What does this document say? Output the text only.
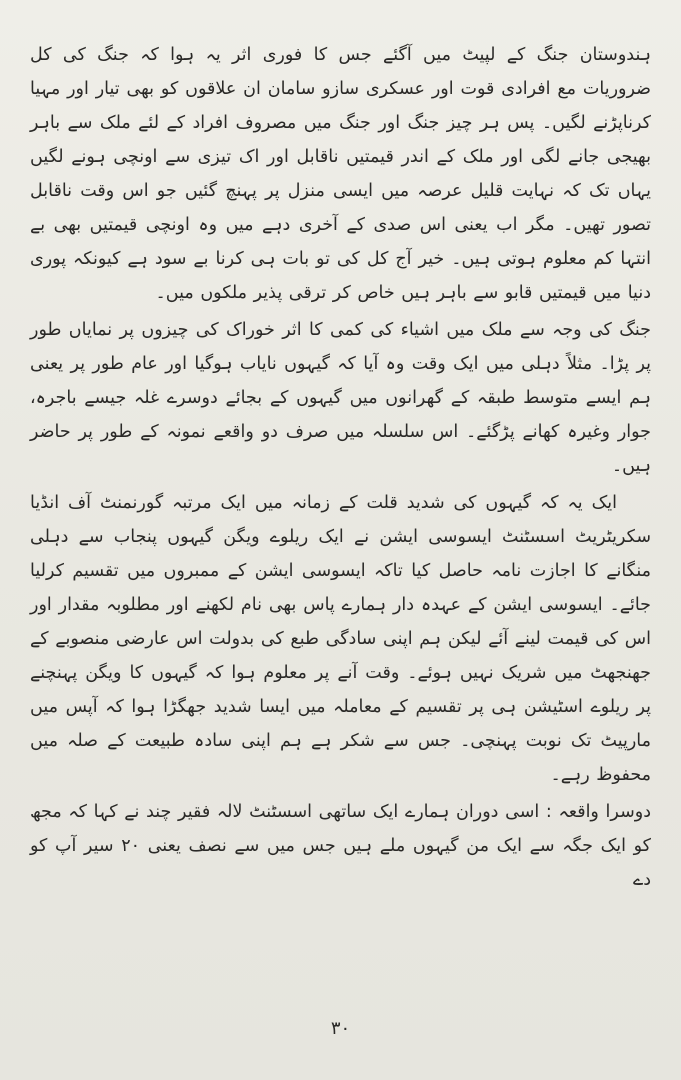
ہندوستان جنگ کے لپیٹ میں آگئے جس کا فوری اثر یہ ہوا کہ جنگ کی کل ضروریات مع افرادی قوت اور عسکری سازو سامان ان علاقوں کو بھی تیار اور مہیا کرناپڑنے لگیں۔ پس ہر چیز جنگ اور جنگ میں مصروف افراد کے لئے ملک سے باہر بھیجی جانے لگی اور ملک کے اندر قیمتیں ناقابل اور اک تیزی سے اونچی ہونے لگیں یہاں تک کہ نہایت قلیل عرصہ میں ایسی منزل پر پہنچ گئیں جو اس وقت ناقابل تصور تھیں۔ مگر اب یعنی اس صدی کے آخری دہے میں وہ اونچی قیمتیں بھی بے انتہا کم معلوم ہوتی ہیں۔ خیر آج کل کی تو بات ہی کرنا بے سود ہے کیونکہ پوری دنیا میں قیمتیں قابو سے باہر ہیں خاص کر ترقی پذیر ملکوں میں۔

جنگ کی وجہ سے ملک میں اشیاء کی کمی کا اثر خوراک کی چیزوں پر نمایاں طور پر پڑا۔ مثلاً دہلی میں ایک وقت وہ آیا کہ گیہوں نایاب ہوگیا اور عام طور پر یعنی ہم ایسے متوسط طبقہ کے گھرانوں میں گیہوں کے بجائے دوسرے غلہ جیسے باجرہ، جوار وغیرہ کھانے پڑگئے۔ اس سلسلہ میں صرف دو واقعے نمونہ کے طور پر حاضر ہیں۔

ایک یہ کہ گیہوں کی شدید قلت کے زمانہ میں ایک مرتبہ گورنمنٹ آف انڈیا سکریٹریٹ اسسٹنٹ ایسوسی ایشن نے ایک ریلوے ویگن گیہوں پنجاب سے دہلی منگانے کا اجازت نامہ حاصل کیا تاکہ ایسوسی ایشن کے ممبروں میں تقسیم کرلیا جائے۔ ایسوسی ایشن کے عہدہ دار ہمارے پاس بھی نام لکھنے اور مطلوبہ مقدار اور اس کی قیمت لینے آئے لیکن ہم اپنی سادگی طبع کی بدولت اس عارضی منصوبے کے جھنجھٹ میں شریک نہیں ہوئے۔ وقت آنے پر معلوم ہوا کہ گیہوں کا ویگن پہنچنے پر ریلوے اسٹیشن ہی پر تقسیم کے معاملہ میں ایسا شدید جھگڑا ہوا کہ آپس میں مارپیٹ تک نوبت پہنچی۔ جس سے شکر ہے ہم اپنی سادہ طبیعت کے صلہ میں محفوظ رہے۔

دوسرا واقعہ : اسی دوران ہمارے ایک ساتھی اسسٹنٹ لالہ فقیر چند نے کہا کہ مجھ کو ایک جگہ سے ایک من گیہوں ملے ہیں جس میں سے نصف یعنی ۲۰ سیر آپ کو دے

۳۰
